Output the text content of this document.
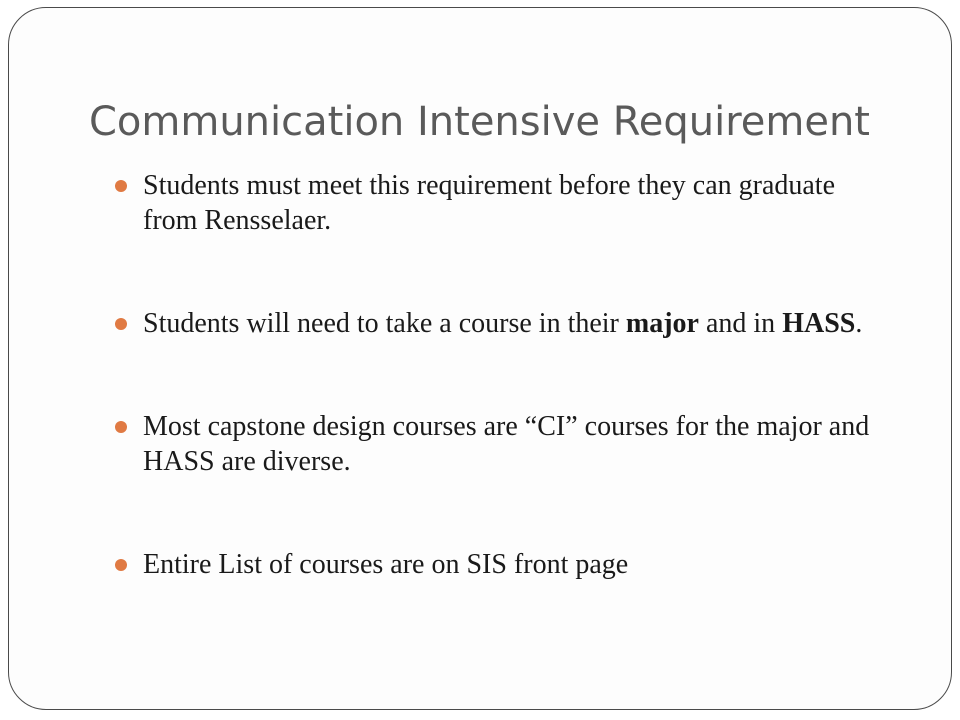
Communication Intensive Requirement
Students must meet this requirement before they can graduate from Rensselaer.
Students will need to take a course in their major and in HASS.
Most capstone design courses are “CI” courses for the major and HASS are diverse.
Entire List of courses are on SIS front page
